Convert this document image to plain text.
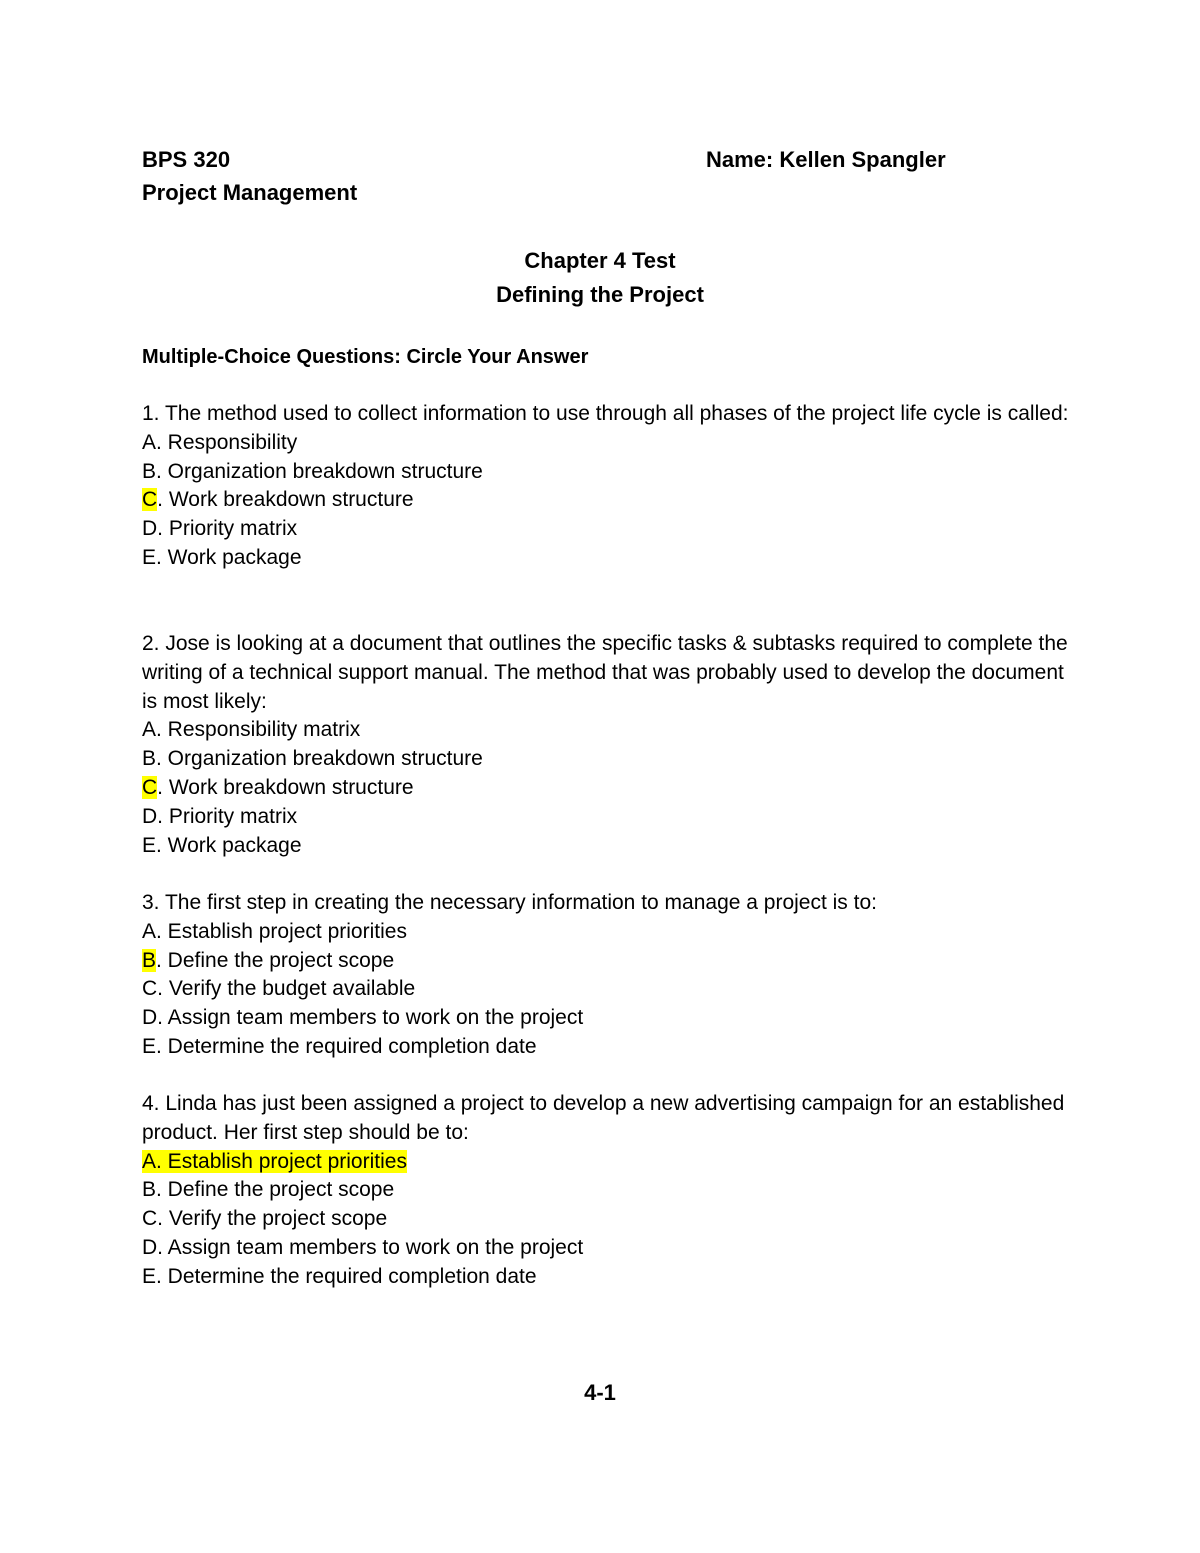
BPS 320
Project Management
Name: Kellen Spangler
Chapter 4 Test
Defining the Project
Multiple-Choice Questions: Circle Your Answer
1. The method used to collect information to use through all phases of the project life cycle is called:
A. Responsibility
B. Organization breakdown structure
C. Work breakdown structure
D. Priority matrix
E. Work package
2. Jose is looking at a document that outlines the specific tasks & subtasks required to complete the writing of a technical support manual. The method that was probably used to develop the document is most likely:
A. Responsibility matrix
B. Organization breakdown structure
C. Work breakdown structure
D. Priority matrix
E. Work package
3. The first step in creating the necessary information to manage a project is to:
A. Establish project priorities
B. Define the project scope
C. Verify the budget available
D. Assign team members to work on the project
E. Determine the required completion date
4. Linda has just been assigned a project to develop a new advertising campaign for an established product. Her first step should be to:
A. Establish project priorities
B. Define the project scope
C. Verify the project scope
D. Assign team members to work on the project
E. Determine the required completion date
4-1
